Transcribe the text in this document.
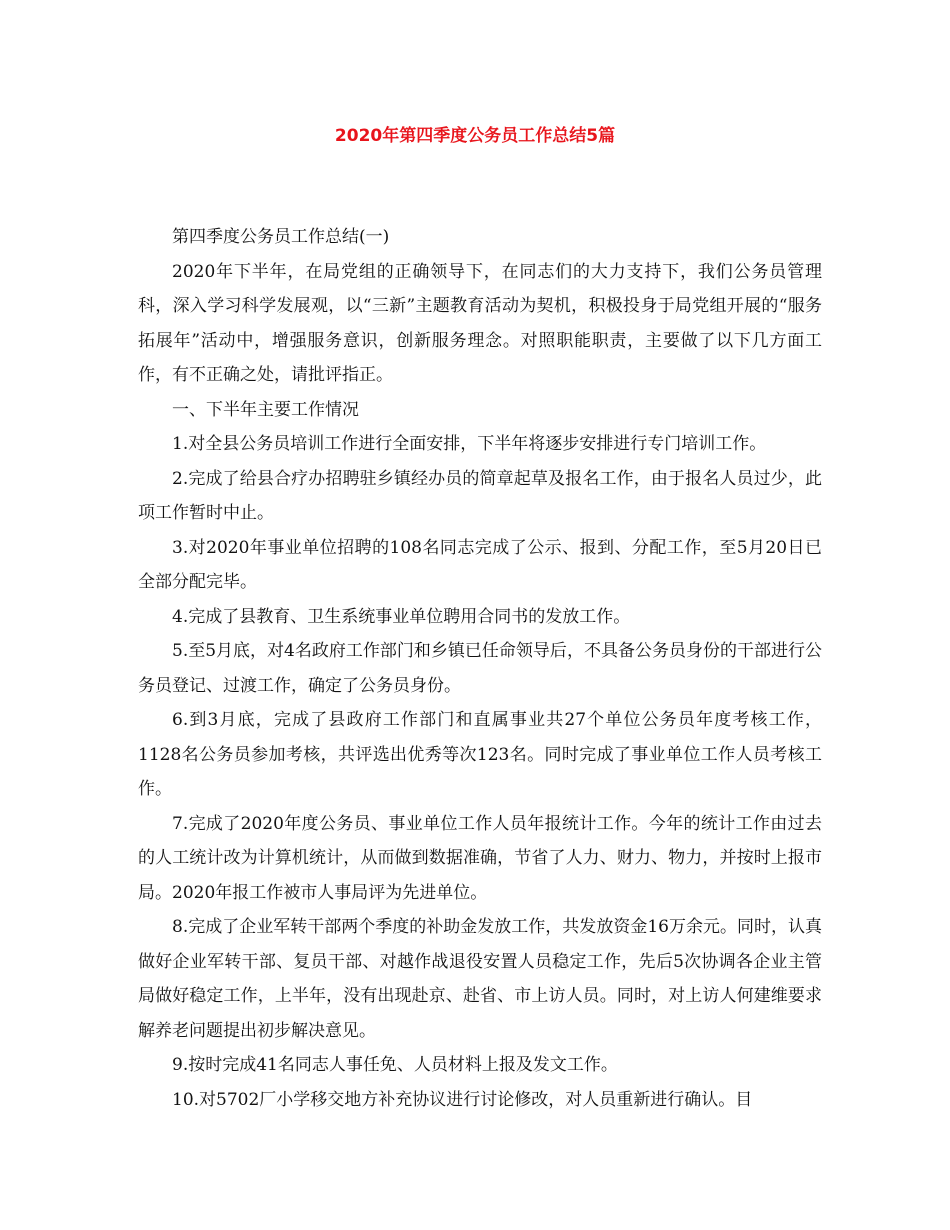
2020年第四季度公务员工作总结5篇

第四季度公务员工作总结(一)

2020年下半年，在局党组的正确领导下，在同志们的大力支持下，我们公务员管理科，深入学习科学发展观，以“三新”主题教育活动为契机，积极投身于局党组开展的“服务拓展年”活动中，增强服务意识，创新服务理念。对照职能职责，主要做了以下几方面工作，有不正确之处，请批评指正。

一、下半年主要工作情况

1.对全县公务员培训工作进行全面安排，下半年将逐步安排进行专门培训工作。

2.完成了给县合疗办招聘驻乡镇经办员的简章起草及报名工作，由于报名人员过少，此项工作暂时中止。

3.对2020年事业单位招聘的108名同志完成了公示、报到、分配工作，至5月20日已全部分配完毕。

4.完成了县教育、卫生系统事业单位聘用合同书的发放工作。

5.至5月底，对4名政府工作部门和乡镇已任命领导后，不具备公务员身份的干部进行公务员登记、过渡工作，确定了公务员身份。

6.到3月底，完成了县政府工作部门和直属事业共27个单位公务员年度考核工作，1128名公务员参加考核，共评选出优秀等次123名。同时完成了事业单位工作人员考核工作。

7.完成了2020年度公务员、事业单位工作人员年报统计工作。今年的统计工作由过去的人工统计改为计算机统计，从而做到数据准确，节省了人力、财力、物力，并按时上报市局。2020年报工作被市人事局评为先进单位。

8.完成了企业军转干部两个季度的补助金发放工作，共发放资金16万余元。同时，认真做好企业军转干部、复员干部、对越作战退役安置人员稳定工作，先后5次协调各企业主管局做好稳定工作，上半年，没有出现赴京、赴省、市上访人员。同时，对上访人何建维要求解养老问题提出初步解决意见。

9.按时完成41名同志人事任免、人员材料上报及发文工作。

10.对5702厂小学移交地方补充协议进行讨论修改，对人员重新进行确认。目
